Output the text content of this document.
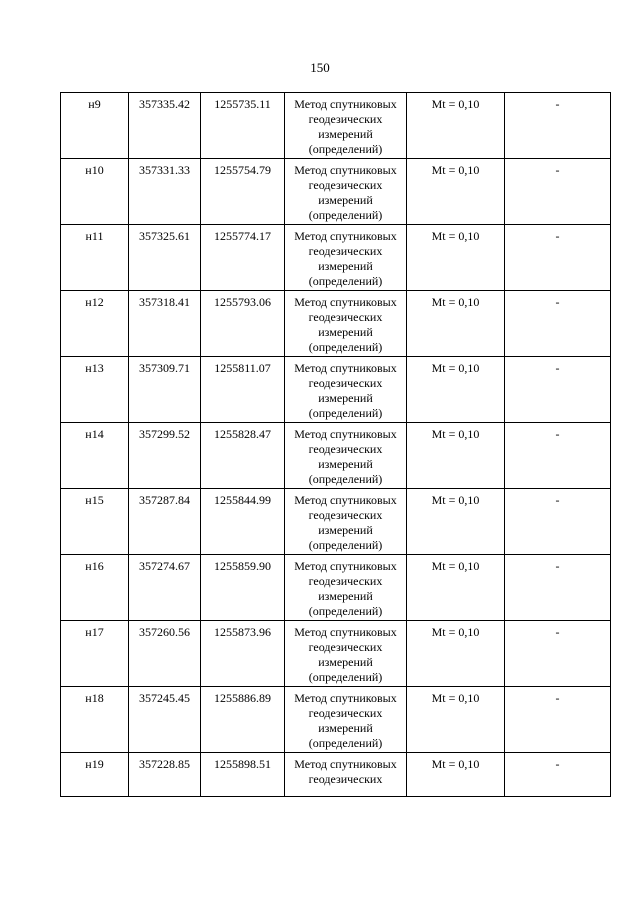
150
н9	357335.42	1255735.11	Метод спутниковых
геодезических
измерений
(определений)	Mt = 0,10	-
н10	357331.33	1255754.79	Метод спутниковых
геодезических
измерений
(определений)	Mt = 0,10	-
н11	357325.61	1255774.17	Метод спутниковых
геодезических
измерений
(определений)	Mt = 0,10	-
н12	357318.41	1255793.06	Метод спутниковых
геодезических
измерений
(определений)	Mt = 0,10	-
н13	357309.71	1255811.07	Метод спутниковых
геодезических
измерений
(определений)	Mt = 0,10	-
н14	357299.52	1255828.47	Метод спутниковых
геодезических
измерений
(определений)	Mt = 0,10	-
н15	357287.84	1255844.99	Метод спутниковых
геодезических
измерений
(определений)	Mt = 0,10	-
н16	357274.67	1255859.90	Метод спутниковых
геодезических
измерений
(определений)	Mt = 0,10	-
н17	357260.56	1255873.96	Метод спутниковых
геодезических
измерений
(определений)	Mt = 0,10	-
н18	357245.45	1255886.89	Метод спутниковых
геодезических
измерений
(определений)	Mt = 0,10	-
н19	357228.85	1255898.51	Метод спутниковых
геодезических	Mt = 0,10	-
